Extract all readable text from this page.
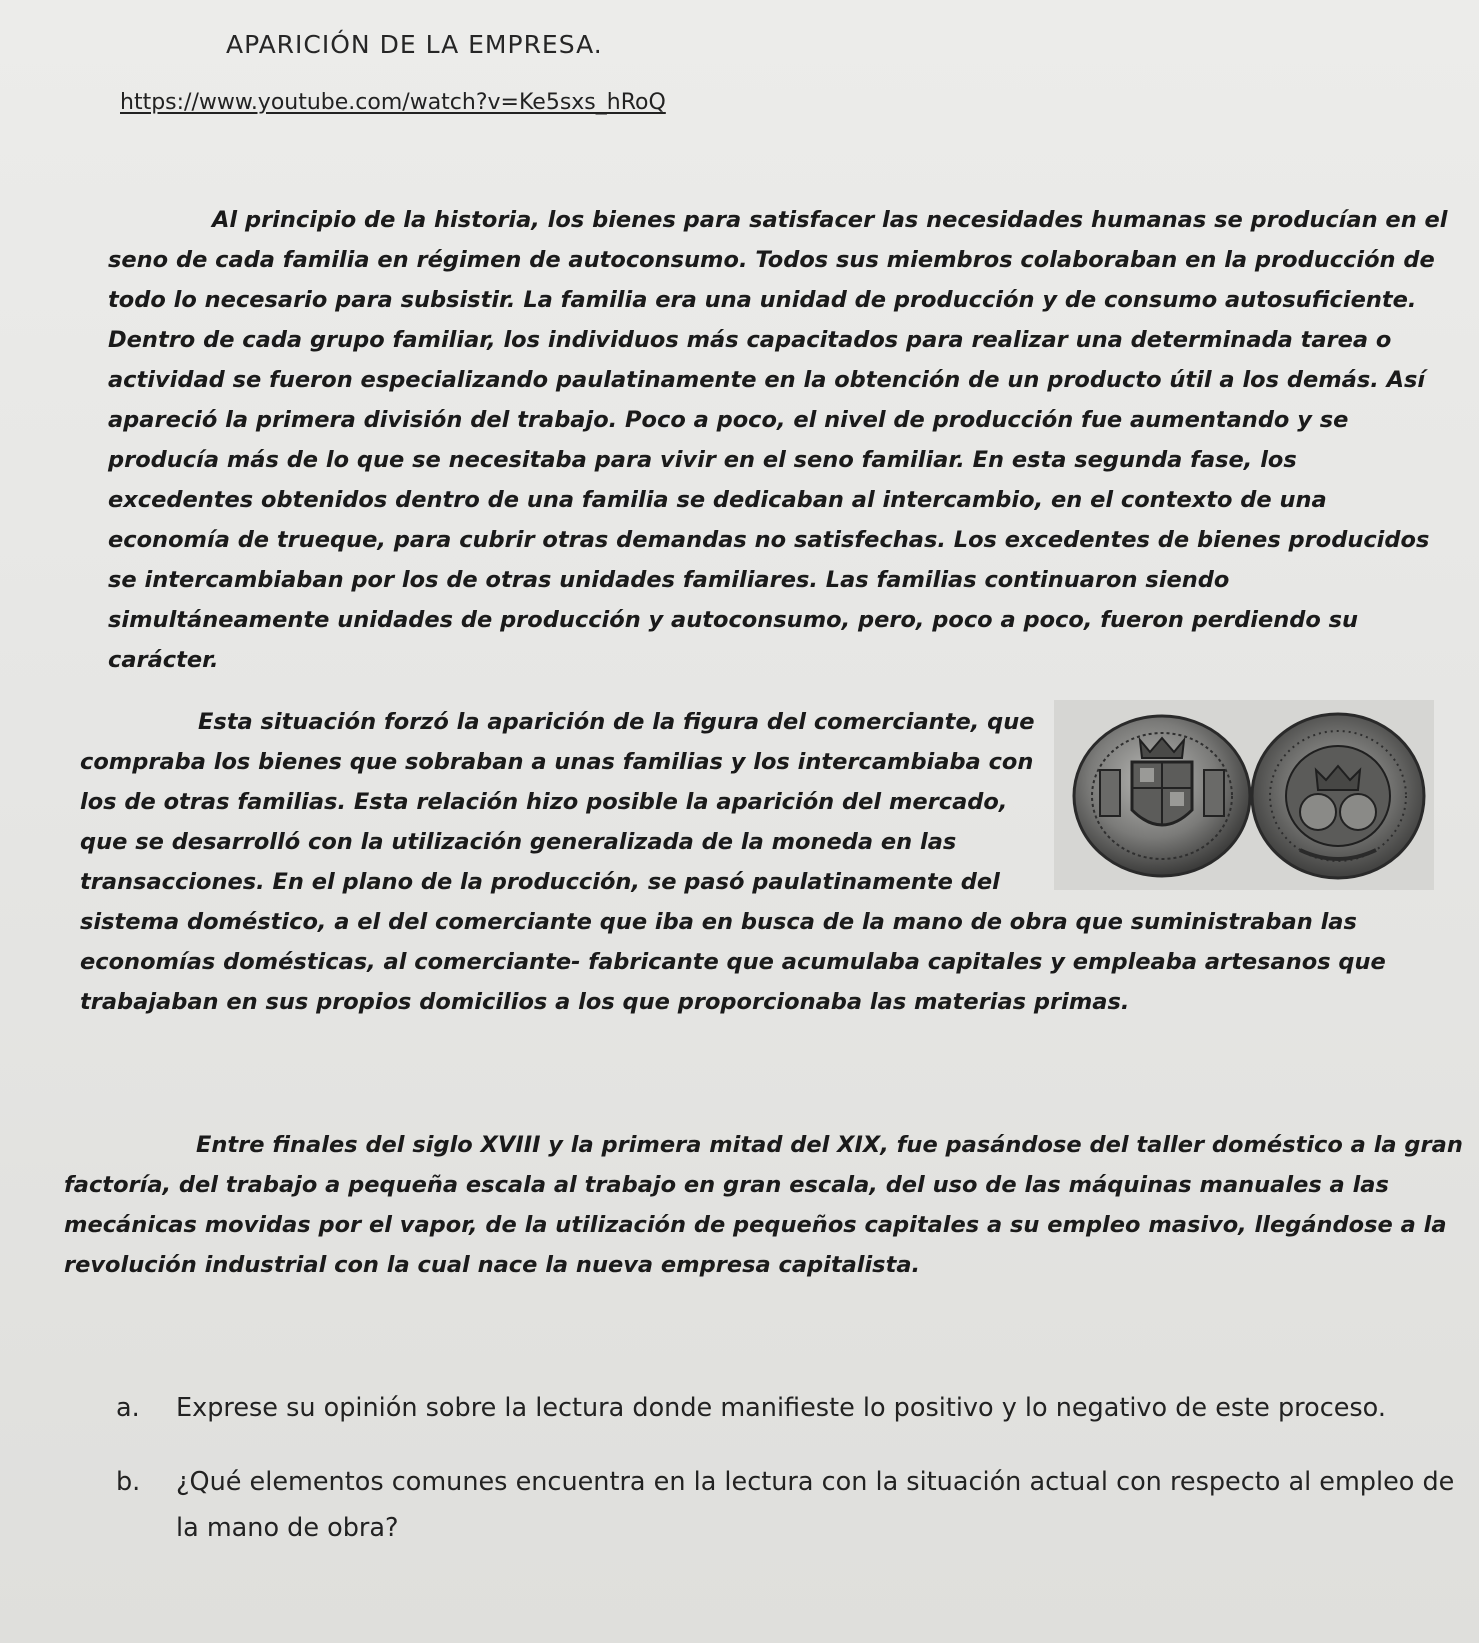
APARICIÓN DE LA EMPRESA.
https://www.youtube.com/watch?v=Ke5sxs_hRoQ

Al principio de la historia, los bienes para satisfacer las necesidades humanas se producían en el seno de cada familia en régimen de autoconsumo. Todos sus miembros colaboraban en la producción de todo lo necesario para subsistir. La familia era una unidad de producción y de consumo autosuficiente. Dentro de cada grupo familiar, los individuos más capacitados para realizar una determinada tarea o actividad se fueron especializando paulatinamente en la obtención de un producto útil a los demás. Así apareció la primera división del trabajo. Poco a poco, el nivel de producción fue aumentando y se producía más de lo que se necesitaba para vivir en el seno familiar. En esta segunda fase, los excedentes obtenidos dentro de una familia se dedicaban al intercambio, en el contexto de una economía de trueque, para cubrir otras demandas no satisfechas. Los excedentes de bienes producidos se intercambiaban por los de otras unidades familiares. Las familias continuaron siendo simultáneamente unidades de producción y autoconsumo, pero, poco a poco, fueron perdiendo su carácter.

Esta situación forzó la aparición de la figura del comerciante, que compraba los bienes que sobraban a unas familias y los intercambiaba con los de otras familias. Esta relación hizo posible la aparición del mercado, que se desarrolló con la utilización generalizada de la moneda en las transacciones. En el plano de la producción, se pasó paulatinamente del sistema doméstico, a el del comerciante que iba en busca de la mano de obra que suministraban las economías domésticas, al comerciante- fabricante que acumulaba capitales y empleaba artesanos que trabajaban en sus propios domicilios a los que proporcionaba las materias primas.

Entre finales del siglo XVIII y la primera mitad del XIX, fue pasándose del taller doméstico a la gran factoría, del trabajo a pequeña escala al trabajo en gran escala, del uso de las máquinas manuales a las mecánicas movidas por el vapor, de la utilización de pequeños capitales a su empleo masivo, llegándose a la revolución industrial con la cual nace la nueva empresa capitalista.

a. Exprese su opinión sobre la lectura donde manifieste lo positivo y lo negativo de este proceso.
b. ¿Qué elementos comunes encuentra en la lectura con la situación actual con respecto al empleo de la mano de obra?
